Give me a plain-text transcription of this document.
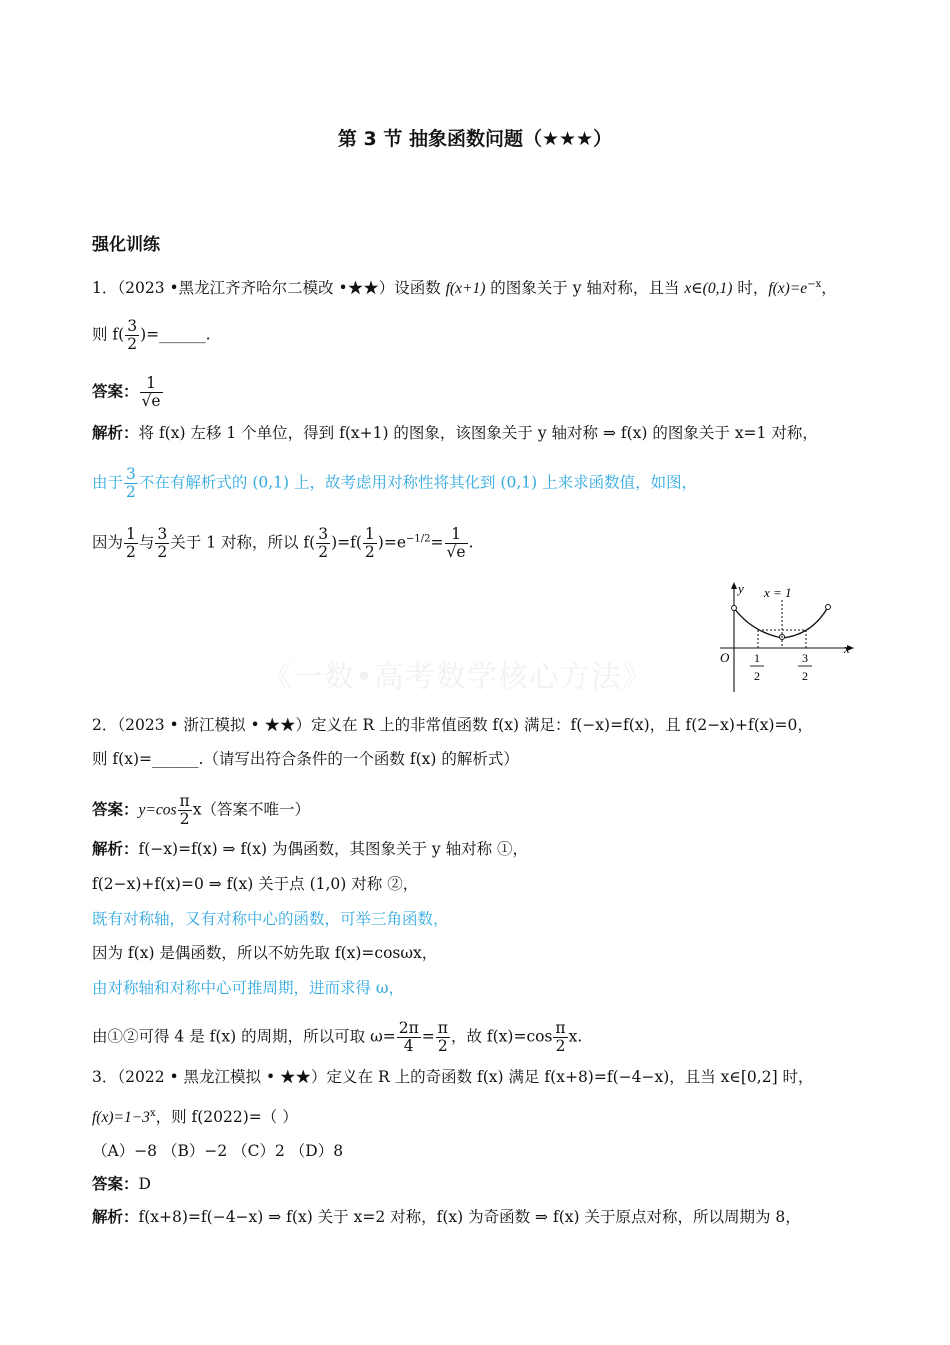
《一数•高考数学核心方法》
第 3 节 抽象函数问题（★★★）
强化训练
1．（2023 •黑龙江齐齐哈尔二模改 •★★）设函数 f(x+1) 的图象关于 y 轴对称，且当 x∈(0,1) 时，$f(x)=e^{-x}$，
则 $f( \frac{3}{2}$ )=______.
答案： $\frac{1}{√e}$
解析：将 f(x) 左移 1 个单位，得到 f(x+1) 的图象，该图象关于 y 轴对称 ⇒ f(x) 的图象关于 x=1 对称，
由于 $\frac{3}{2}$ 不在有解析式的 (0,1) 上，故考虑用对称性将其化到 (0,1) 上来求函数值，如图，
因为 $\frac{1}{2}$ 与 $\frac{3}{2}$ 关于 1 对称，所以 $f( \frac{3}{2} )=f( \frac{1}{2} )=e^{-1/2}= \frac{1}{√e}$ .
y
x
O
x = 1
1
2
3
2
2．（2023 • 浙江模拟 • ★★）定义在 R 上的非常值函数 f(x) 满足：f(−x)=f(x)，且 f(2−x)+f(x)=0，
则 f(x)=______.（请写出符合条件的一个函数 f(x) 的解析式）
答案：$y=\cos \frac{\pi}{2} x$（答案不唯一）
解析：f(−x)=f(x) ⇒ f(x) 为偶函数，其图象关于 y 轴对称 ①，
f(2−x)+f(x)=0 ⇒ f(x) 关于点 (1,0) 对称 ②，
既有对称轴，又有对称中心的函数，可举三角函数，
因为 f(x) 是偶函数，所以不妨先取 f(x)=cosωx，
由对称轴和对称中心可推周期，进而求得 ω，
由①②可得 4 是 f(x) 的周期，所以可取 $\omega= \frac{2\pi}{4} = \frac{\pi}{2}$ ，故 $f(x)=\cos \frac{\pi}{2} x$.
3．（2022 • 黑龙江模拟 • ★★）定义在 R 上的奇函数 f(x) 满足 f(x+8)=f(−4−x)，且当 x∈[0,2] 时，
$f(x)=1-3^x$，则 f(2022)=（ ）
（A）−8 （B）−2 （C）2 （D）8
答案：D
解析：f(x+8)=f(−4−x) ⇒ f(x) 关于 x=2 对称，f(x) 为奇函数 ⇒ f(x) 关于原点对称，所以周期为 8，
